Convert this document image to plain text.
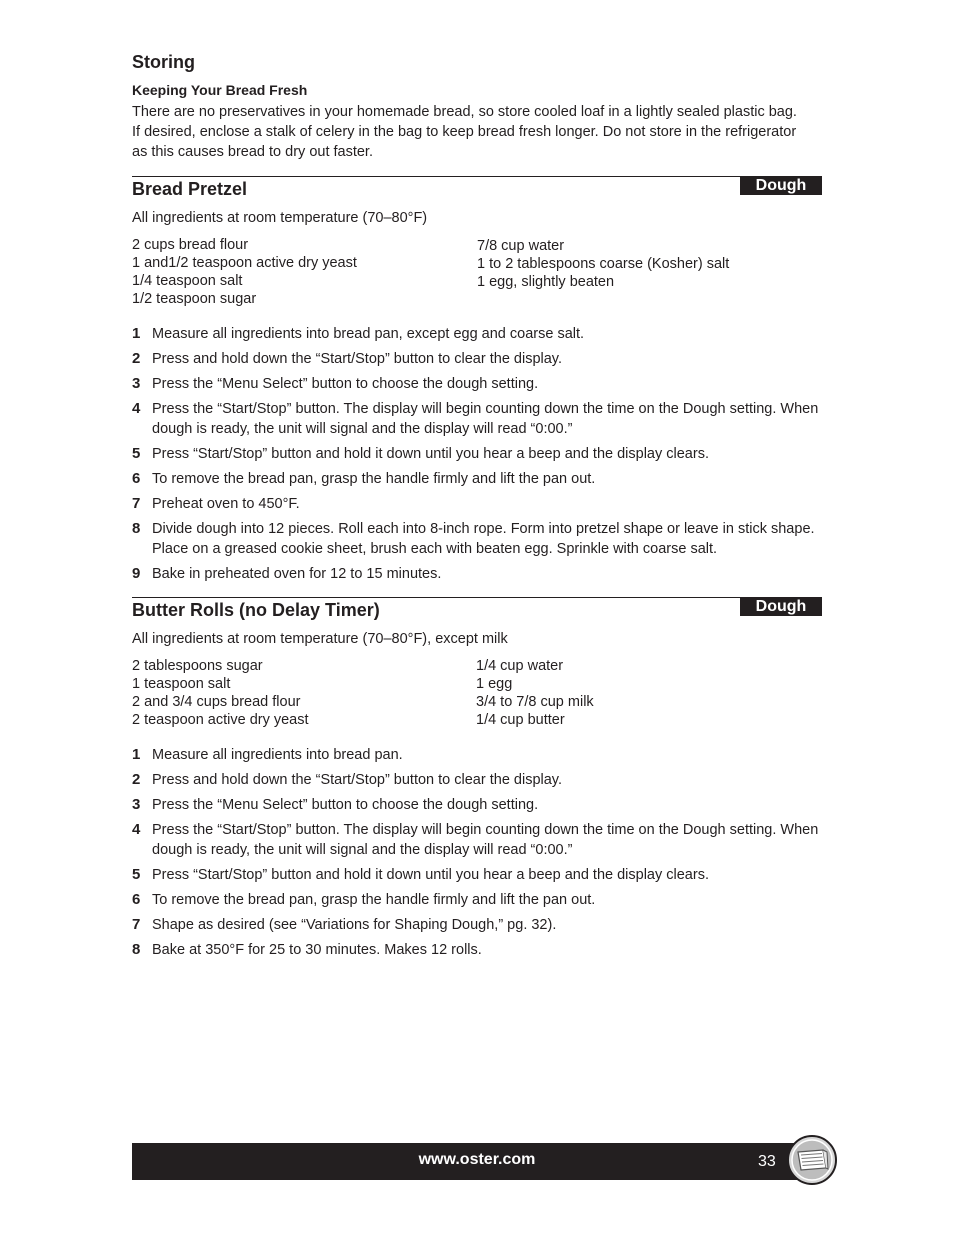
Storing
Keeping Your Bread Fresh
There are no preservatives in your homemade bread, so store cooled loaf in a lightly sealed plastic bag.
If desired, enclose a stalk of celery in the bag to keep bread fresh longer. Do not store in the refrigerator
as this causes bread to dry out faster.
Dough
Bread Pretzel
All ingredients at room temperature (70–80°F)
2 cups bread flour
1 and1/2 teaspoon active dry yeast
1/4 teaspoon salt
1/2 teaspoon sugar
7/8 cup water
1 to 2 tablespoons coarse (Kosher) salt
1 egg, slightly beaten
1 Measure all ingredients into bread pan, except egg and coarse salt.
2 Press and hold down the “Start/Stop” button to clear the display.
3 Press the “Menu Select” button to choose the dough setting.
4 Press the “Start/Stop” button. The display will begin counting down the time on the Dough setting. When dough is ready, the unit will signal and the display will read “0:00.”
5 Press “Start/Stop” button and hold it down until you hear a beep and the display clears.
6 To remove the bread pan, grasp the handle firmly and lift the pan out.
7 Preheat oven to 450°F.
8 Divide dough into 12 pieces. Roll each into 8-inch rope. Form into pretzel shape or leave in stick shape. Place on a greased cookie sheet, brush each with beaten egg. Sprinkle with coarse salt.
9 Bake in preheated oven for 12 to 15 minutes.
Dough
Butter Rolls (no Delay Timer)
All ingredients at room temperature (70–80°F), except milk
2 tablespoons sugar
1 teaspoon salt
2 and 3/4 cups bread flour
2 teaspoon active dry yeast
1/4 cup water
1 egg
3/4 to 7/8 cup milk
1/4 cup butter
1 Measure all ingredients into bread pan.
2 Press and hold down the “Start/Stop” button to clear the display.
3 Press the “Menu Select” button to choose the dough setting.
4 Press the “Start/Stop” button. The display will begin counting down the time on the Dough setting. When dough is ready, the unit will signal and the display will read “0:00.”
5 Press “Start/Stop” button and hold it down until you hear a beep and the display clears.
6 To remove the bread pan, grasp the handle firmly and lift the pan out.
7 Shape as desired (see “Variations for Shaping Dough,” pg. 32).
8 Bake at 350°F for 25 to 30 minutes. Makes 12 rolls.
www.oster.com	33
